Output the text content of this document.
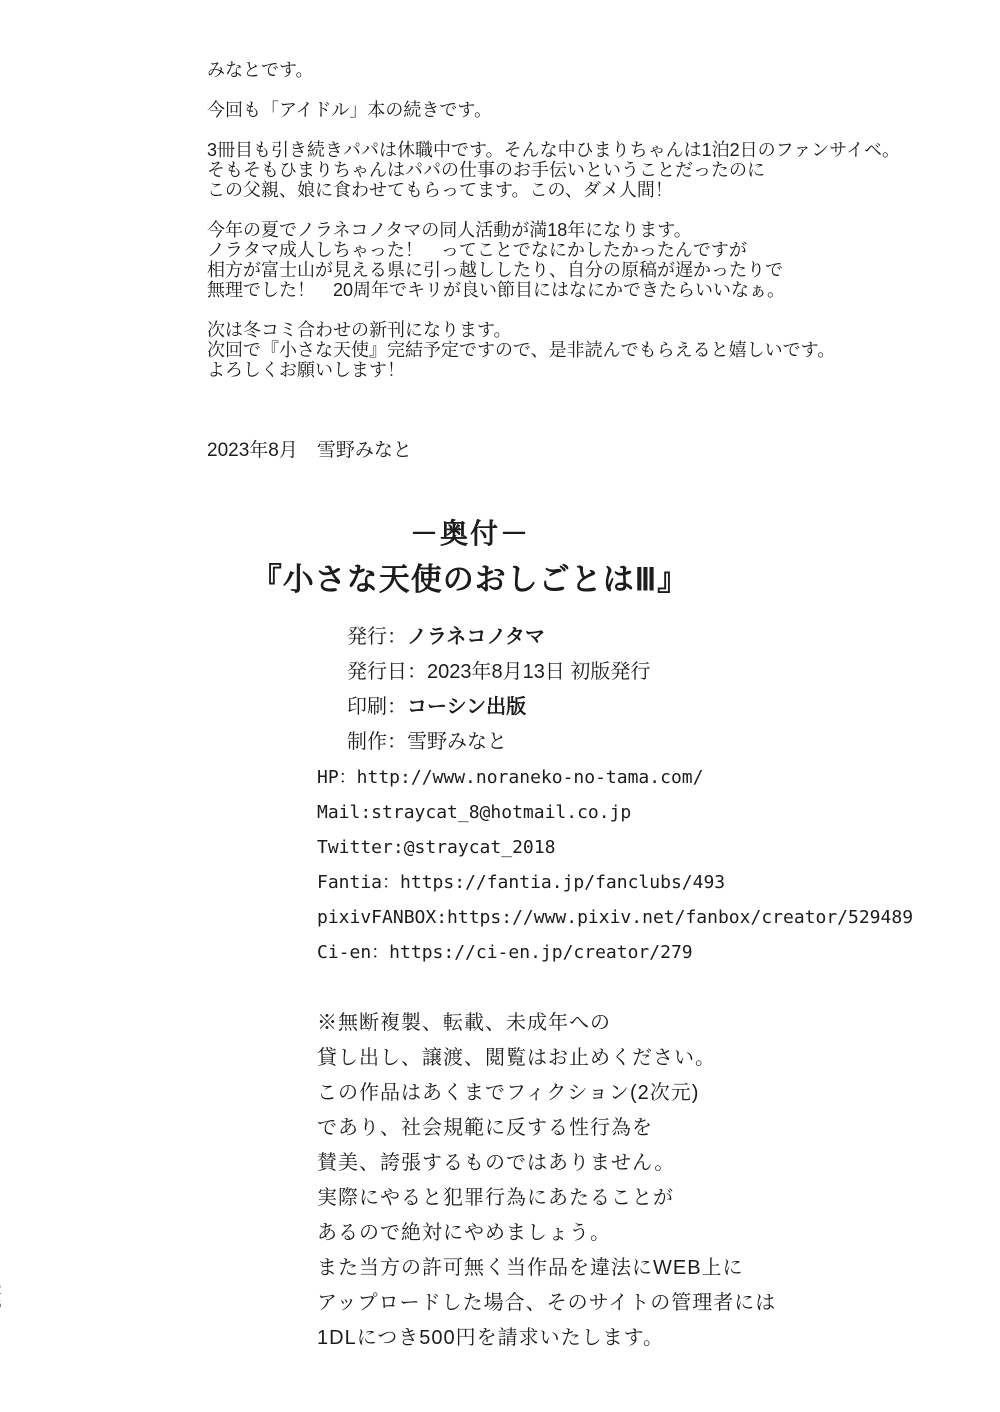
みなとです。
今回も「アイドル」本の続きです。
3冊目も引き続きパパは休職中です。そんな中ひまりちゃんは1泊2日のファンサイベ。
そもそもひまりちゃんはパパの仕事のお手伝いということだったのに
この父親、娘に食わせてもらってます。この、ダメ人間！
今年の夏でノラネコノタマの同人活動が満18年になります。
ノラタマ成人しちゃった！　ってことでなにかしたかったんですが
相方が富士山が見える県に引っ越ししたり、自分の原稿が遅かったりで
無理でした！　20周年でキリが良い節目にはなにかできたらいいなぁ。
次は冬コミ合わせの新刊になります。
次回で『小さな天使』完結予定ですので、是非読んでもらえると嬉しいです。
よろしくお願いします！
2023年8月　雪野みなと
－奥付－
『小さな天使のおしごとはⅢ』
発行：ノラネコノタマ
発行日：2023年8月13日 初版発行
印刷：コーシン出版
制作：雪野みなと
HP：http://www.noraneko-no-tama.com/
Mail:straycat_8@hotmail.co.jp
Twitter:@straycat_2018
Fantia：https://fantia.jp/fanclubs/493
pixivFANBOX:https://www.pixiv.net/fanbox/creator/529489
Ci-en：https://ci-en.jp/creator/279
※無断複製、転載、未成年への
貸し出し、譲渡、閲覧はお止めください。
この作品はあくまでフィクション(2次元)
であり、社会規範に反する性行為を
賛美、誇張するものではありません。
実際にやると犯罪行為にあたることが
あるので絶対にやめましょう。
また当方の許可無く当作品を違法にWEB上に
アップロードした場合、そのサイトの管理者には
1DLにつき500円を請求いたします。
